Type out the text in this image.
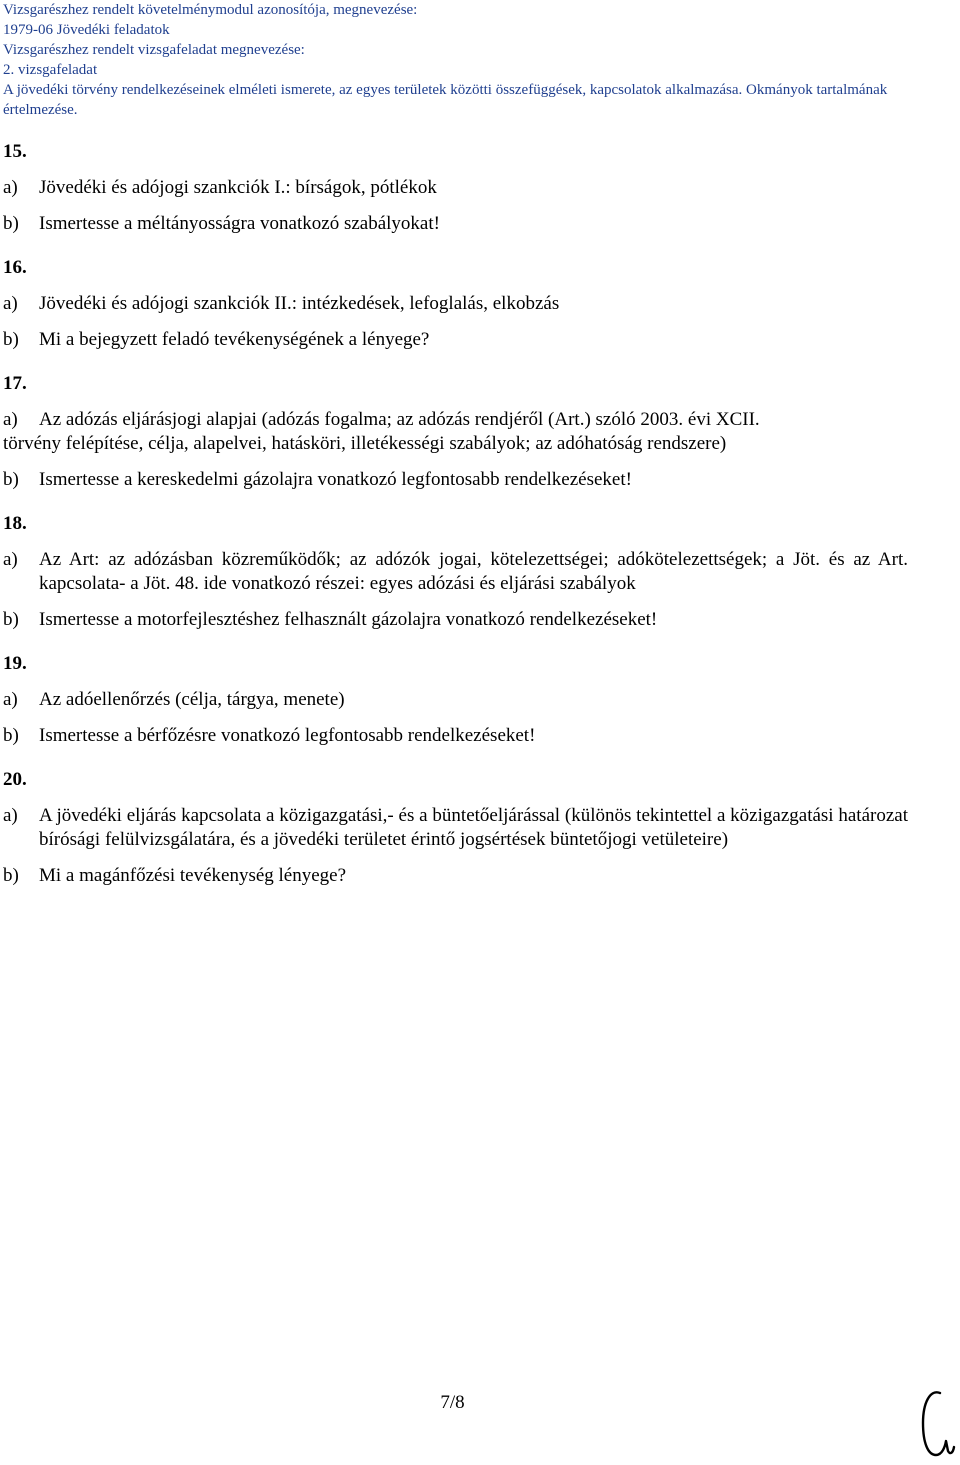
Vizsgarészhez rendelt követelménymodul azonosítója, megnevezése:
1979-06 Jövedéki feladatok
Vizsgarészhez rendelt vizsgafeladat megnevezése:
2. vizsgafeladat
A jövedéki törvény rendelkezéseinek elméleti ismerete, az egyes területek közötti összefüggések, kapcsolatok alkalmazása. Okmányok tartalmának
értelmezése.
15.
a)	Jövedéki és adójogi szankciók I.: bírságok, pótlékok
b)	Ismertesse a méltányosságra vonatkozó szabályokat!
16.
a)	Jövedéki és adójogi szankciók II.: intézkedések, lefoglalás, elkobzás
b)	Mi a bejegyzett feladó tevékenységének a lényege?
17.
a)	Az adózás eljárásjogi alapjai (adózás fogalma; az adózás rendjéről (Art.) szóló 2003. évi XCII.
törvény felépítése, célja, alapelvei, hatásköri, illetékességi szabályok; az adóhatóság rendszere)
b)	Ismertesse a kereskedelmi gázolajra vonatkozó legfontosabb rendelkezéseket!
18.
a)	Az Art: az adózásban közreműködők; az adózók jogai, kötelezettségei; adókötelezettségek; a Jöt. és az Art. kapcsolata- a Jöt. 48. ide vonatkozó részei: egyes adózási és eljárási szabályok
b)	Ismertesse a motorfejlesztéshez felhasznált gázolajra vonatkozó rendelkezéseket!
19.
a)	Az adóellenőrzés (célja, tárgya, menete)
b)	Ismertesse a bérfőzésre vonatkozó legfontosabb rendelkezéseket!
20.
a)	A jövedéki eljárás kapcsolata a közigazgatási,- és a büntetőeljárással (különös tekintettel a közigazgatási határozat bírósági felülvizsgálatára, és a jövedéki területet érintő jogsértések büntetőjogi vetületeire)
b)	Mi a magánfőzési tevékenység lényege?
7/8
